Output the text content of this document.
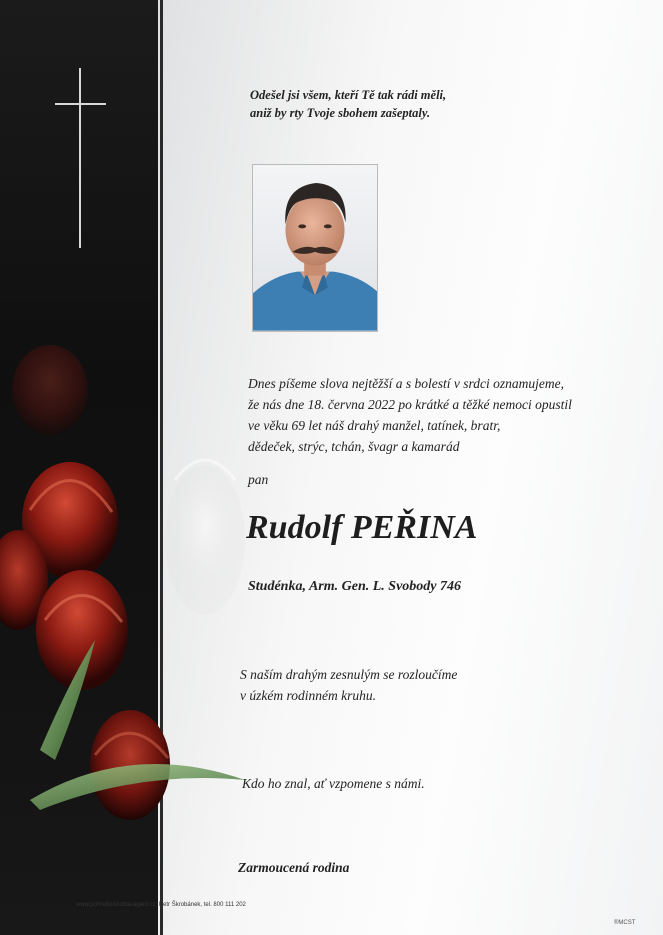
Odešel jsi všem, kteří Tě tak rádi měli,
aniž by rty Tvoje sbohem zašeptaly.
Dnes píšeme slova nejtěžší a s bolestí v srdci oznamujeme,
že nás dne 18. června 2022 po krátké a těžké nemoci opustil
ve věku 69 let náš drahý manžel, tatínek, bratr,
dědeček, strýc, tchán, švagr a kamarád
pan
Rudolf PEŘINA
Studénka, Arm. Gen. L. Svobody 746
S naším drahým zesnulým se rozloučíme
v úzkém rodinném kruhu.
Kdo ho znal, ať vzpomene s námi.
Zarmoucená rodina
www.pohrebnisluzba-agent.cz, Petr Škrobánek, tel. 800 111 202
®MCST
